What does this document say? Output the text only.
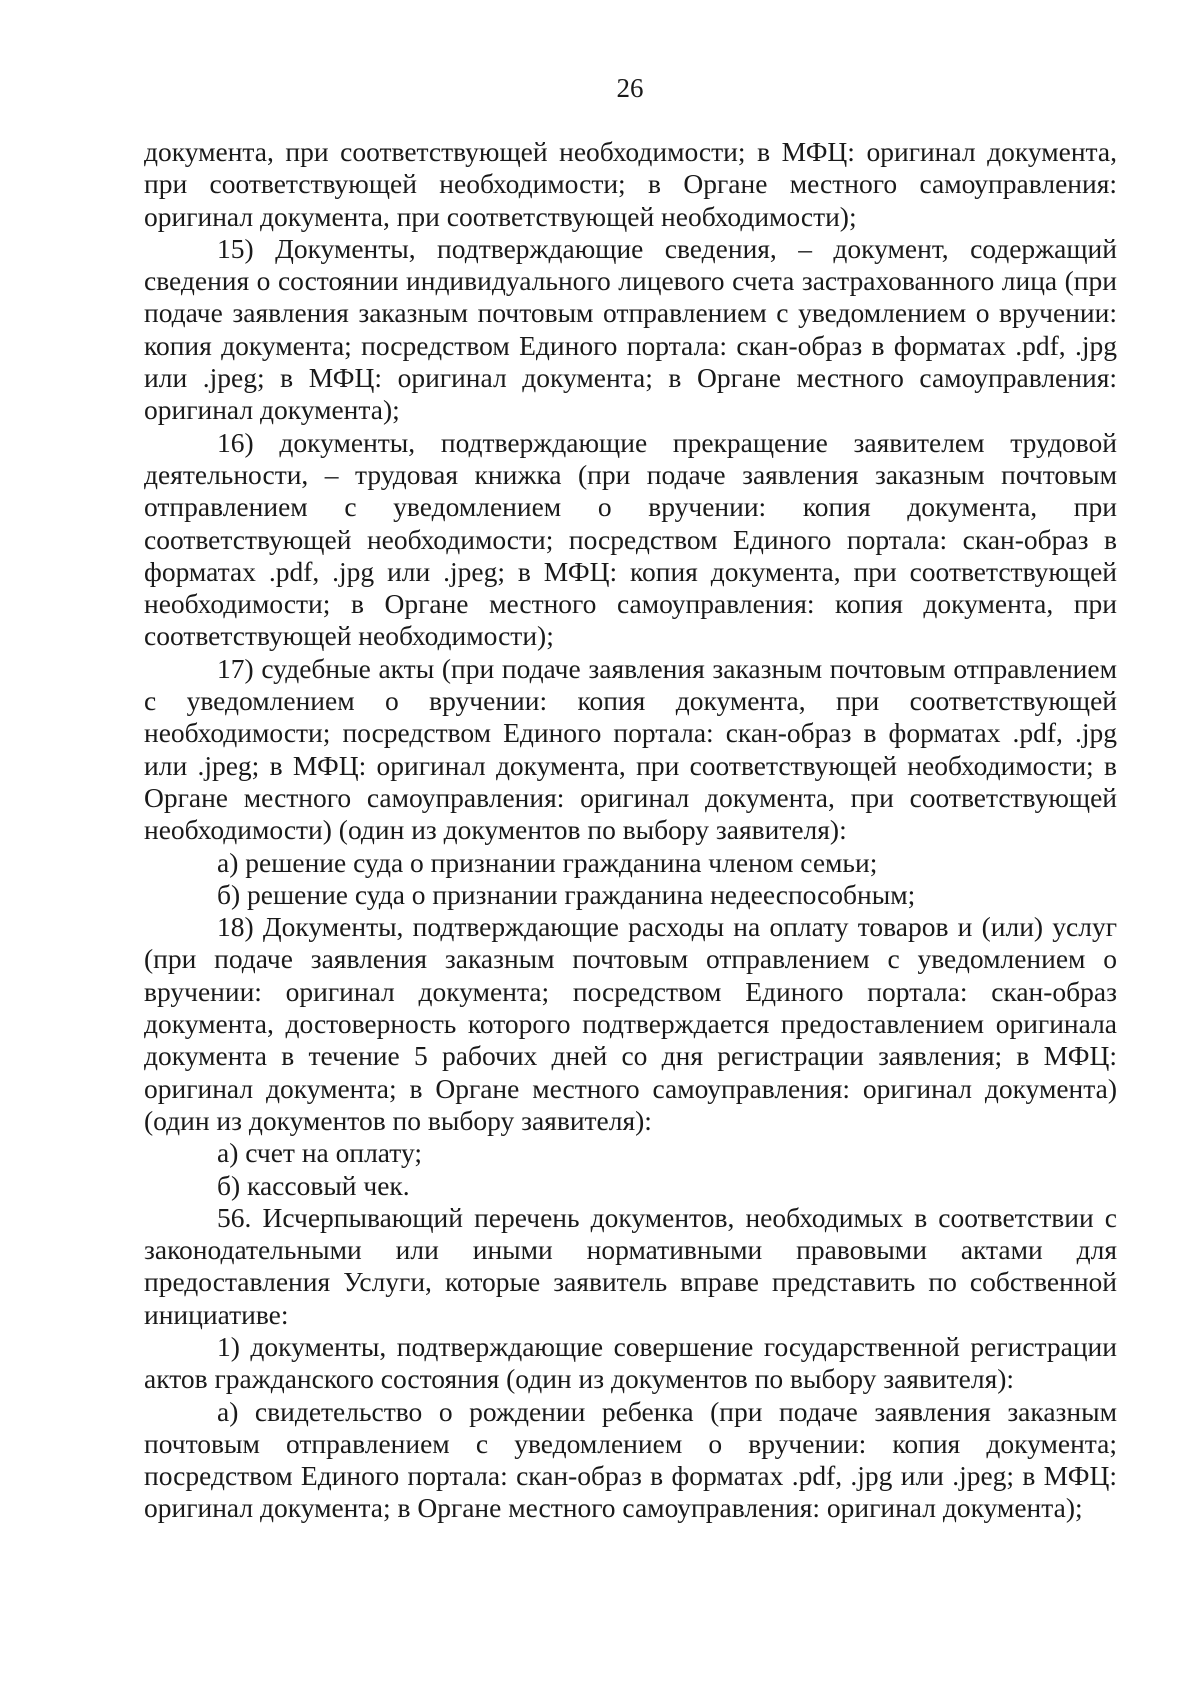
26

документа, при соответствующей необходимости; в МФЦ: оригинал документа, при соответствующей необходимости; в Органе местного самоуправления: оригинал документа, при соответствующей необходимости);

15) Документы, подтверждающие сведения, – документ, содержащий сведения о состоянии индивидуального лицевого счета застрахованного лица (при подаче заявления заказным почтовым отправлением с уведомлением о вручении: копия документа; посредством Единого портала: скан-образ в форматах .pdf, .jpg или .jpeg; в МФЦ: оригинал документа; в Органе местного самоуправления: оригинал документа);

16) документы, подтверждающие прекращение заявителем трудовой деятельности, – трудовая книжка (при подаче заявления заказным почтовым отправлением с уведомлением о вручении: копия документа, при соответствующей необходимости; посредством Единого портала: скан-образ в форматах .pdf, .jpg или .jpeg; в МФЦ: копия документа, при соответствующей необходимости; в Органе местного самоуправления: копия документа, при соответствующей необходимости);

17) судебные акты (при подаче заявления заказным почтовым отправлением с уведомлением о вручении: копия документа, при соответствующей необходимости; посредством Единого портала: скан-образ в форматах .pdf, .jpg или .jpeg; в МФЦ: оригинал документа, при соответствующей необходимости; в Органе местного самоуправления: оригинал документа, при соответствующей необходимости) (один из документов по выбору заявителя):

а) решение суда о признании гражданина членом семьи;

б) решение суда о признании гражданина недееспособным;

18) Документы, подтверждающие расходы на оплату товаров и (или) услуг (при подаче заявления заказным почтовым отправлением с уведомлением о вручении: оригинал документа; посредством Единого портала: скан-образ документа, достоверность которого подтверждается предоставлением оригинала документа в течение 5 рабочих дней со дня регистрации заявления; в МФЦ: оригинал документа; в Органе местного самоуправления: оригинал документа) (один из документов по выбору заявителя):

а) счет на оплату;

б) кассовый чек.

56. Исчерпывающий перечень документов, необходимых в соответствии с законодательными или иными нормативными правовыми актами для предоставления Услуги, которые заявитель вправе представить по собственной инициативе:

1) документы, подтверждающие совершение государственной регистрации актов гражданского состояния (один из документов по выбору заявителя):

а) свидетельство о рождении ребенка (при подаче заявления заказным почтовым отправлением с уведомлением о вручении: копия документа; посредством Единого портала: скан-образ в форматах .pdf, .jpg или .jpeg; в МФЦ: оригинал документа; в Органе местного самоуправления: оригинал документа);
